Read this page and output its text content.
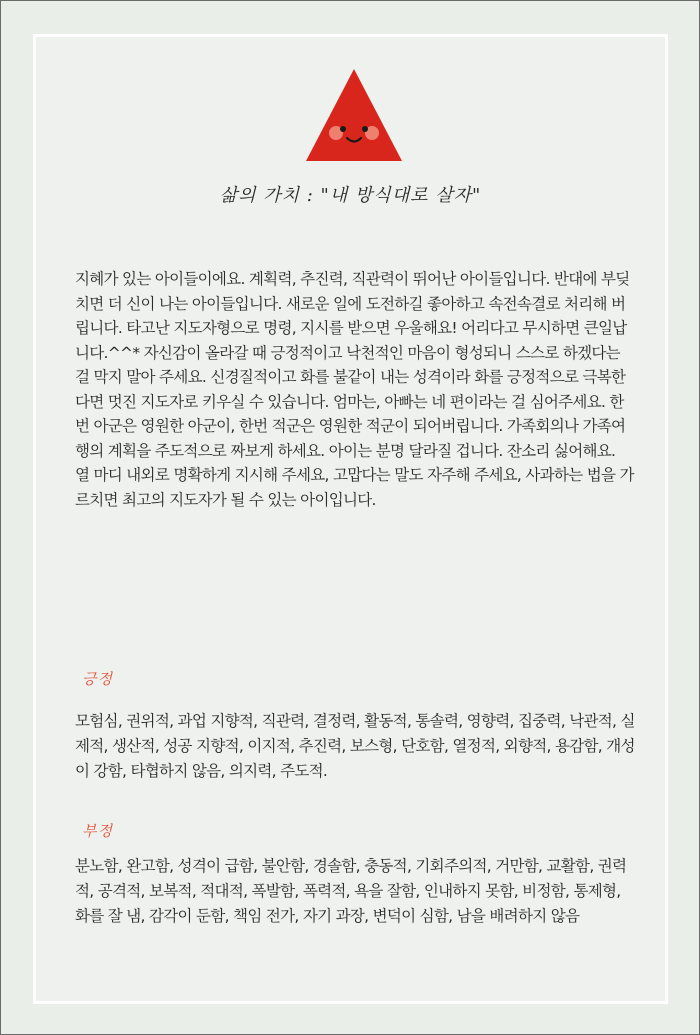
삶의 가치 : "내 방식대로 살자"

지혜가 있는 아이들이에요. 계획력, 추진력, 직관력이 뛰어난 아이들입니다. 반대에 부딪치면 더 신이 나는 아이들입니다. 새로운 일에 도전하길 좋아하고 속전속결로 처리해 버립니다. 타고난 지도자형으로 명령, 지시를 받으면 우울해요! 어리다고 무시하면 큰일납니다.^^* 자신감이 올라갈 때 긍정적이고 낙천적인 마음이 형성되니 스스로 하겠다는 걸 막지 말아 주세요. 신경질적이고 화를 불같이 내는 성격이라 화를 긍정적으로 극복한다면 멋진 지도자로 키우실 수 있습니다. 엄마는, 아빠는 네 편이라는 걸 심어주세요. 한번 아군은 영원한 아군이, 한번 적군은 영원한 적군이 되어버립니다. 가족회의나 가족여행의 계획을 주도적으로 짜보게 하세요. 아이는 분명 달라질 겁니다. 잔소리 싫어해요.

열 마디 내외로 명확하게 지시해 주세요, 고맙다는 말도 자주해 주세요, 사과하는 법을 가르치면 최고의 지도자가 될 수 있는 아이입니다.

긍정
모험심, 권위적, 과업 지향적, 직관력, 결정력, 활동적, 통솔력, 영향력, 집중력, 낙관적, 실제적, 생산적, 성공 지향적, 이지적, 추진력, 보스형, 단호함, 열정적, 외향적, 용감함, 개성이 강함, 타협하지 않음, 의지력, 주도적.
부정
분노함, 완고함, 성격이 급함, 불안함, 경솔함, 충동적, 기회주의적, 거만함, 교활함, 권력적, 공격적, 보복적, 적대적, 폭발함, 폭력적, 욕을 잘함, 인내하지 못함, 비정함, 통제형, 화를 잘 냄, 감각이 둔함, 책임 전가, 자기 과장, 변덕이 심함, 남을 배려하지 않음
